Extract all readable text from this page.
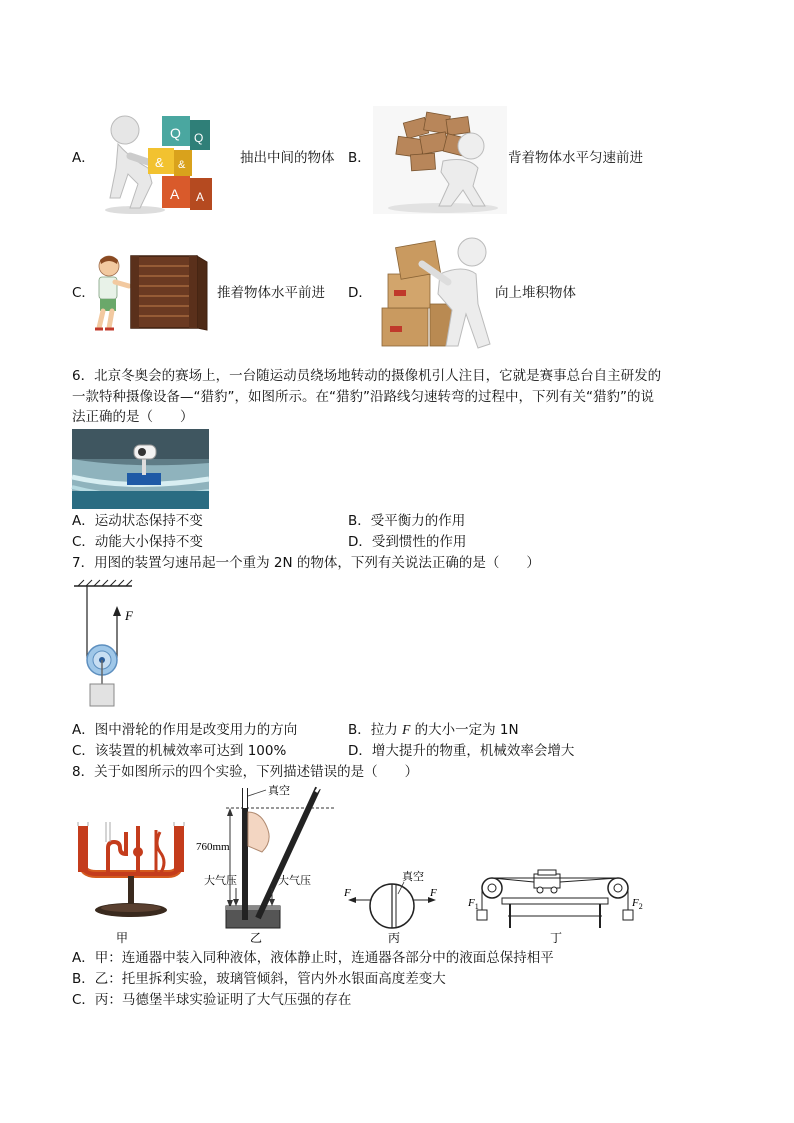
A．
Q Q
& &
A A
抽出中间的物体 B．	背着物体水平匀速前进
C．	推着物体水平前进 D．	向上堆积物体
6．北京冬奥会的赛场上，一台随运动员绕场地转动的摄像机引人注目，它就是赛事总台自主研发的
一款特种摄像设备—“猎豹”，如图所示。在“猎豹”沿路线匀速转弯的过程中，下列有关“猎豹”的说
法正确的是（　　）
A．运动状态保持不变	B．受平衡力的作用
C．动能大小保持不变	D．受到惯性的作用
7．用图的装置匀速吊起一个重为 2N 的物体，下列有关说法正确的是（　　）
F
A．图中滑轮的作用是改变用力的方向	B．拉力 F 的大小一定为 1N
C．该装置的机械效率可达到 100%	D．增大提升的物重，机械效率会增大
8．关于如图所示的四个实验，下列描述错误的是（　　）
甲
760mm
真空
大气压	大气压
乙
F	F
真空
丙
$F_1$	$F_2$
丁
A．甲：连通器中装入同种液体，液体静止时，连通器各部分中的液面总保持相平
B．乙：托里拆利实验，玻璃管倾斜，管内外水银面高度差变大
C．丙：马德堡半球实验证明了大气压强的存在
